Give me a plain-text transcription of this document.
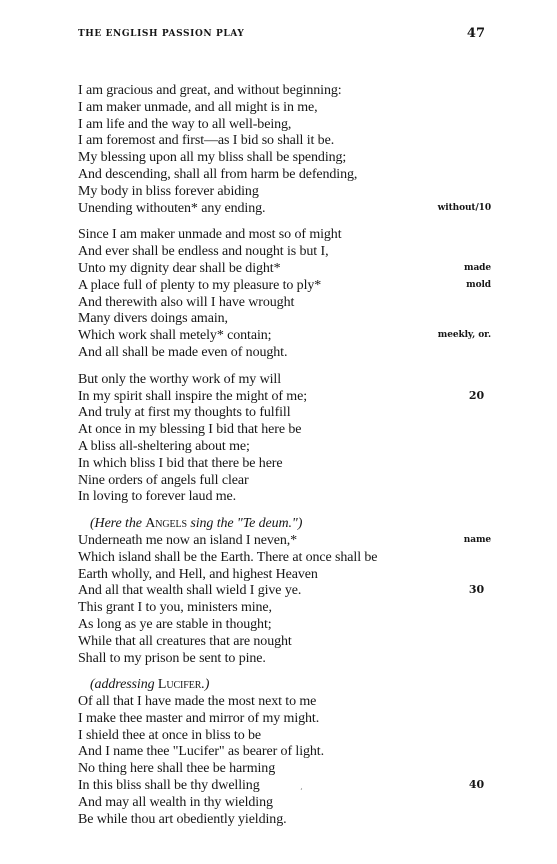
THE ENGLISH PASSION PLAY	47
I am gracious and great, and without beginning:
I am maker unmade, and all might is in me,
I am life and the way to all well-being,
I am foremost and first—as I bid so shall it be.
My blessing upon all my bliss shall be spending;
And descending, shall all from harm be defending,
My body in bliss forever abiding
Unending withouten* any ending.	without/10
Since I am maker unmade and most so of might
And ever shall be endless and nought is but I,
Unto my dignity dear shall be dight*	made
A place full of plenty to my pleasure to ply*	mold
And therewith also will I have wrought
Many divers doings amain,
Which work shall metely* contain;	meekly, or.
And all shall be made even of nought.
But only the worthy work of my will
In my spirit shall inspire the might of me;	20
And truly at first my thoughts to fulfill
At once in my blessing I bid that here be
A bliss all-sheltering about me;
In which bliss I bid that there be here
Nine orders of angels full clear
In loving to forever laud me.
(Here the Angels sing the "Te deum.")
Underneath me now an island I neven,*	name
Which island shall be the Earth. There at once shall be
Earth wholly, and Hell, and highest Heaven
And all that wealth shall wield I give ye.	30
This grant I to you, ministers mine,
As long as ye are stable in thought;
While that all creatures that are nought
Shall to my prison be sent to pine.
(addressing Lucifer.)
Of all that I have made the most next to me
I make thee master and mirror of my might.
I shield thee at once in bliss to be
And I name thee "Lucifer" as bearer of light.
No thing here shall thee be harming
In this bliss shall be thy dwelling	40
And may all wealth in thy wielding
Be while thou art obediently yielding.
ʻ
